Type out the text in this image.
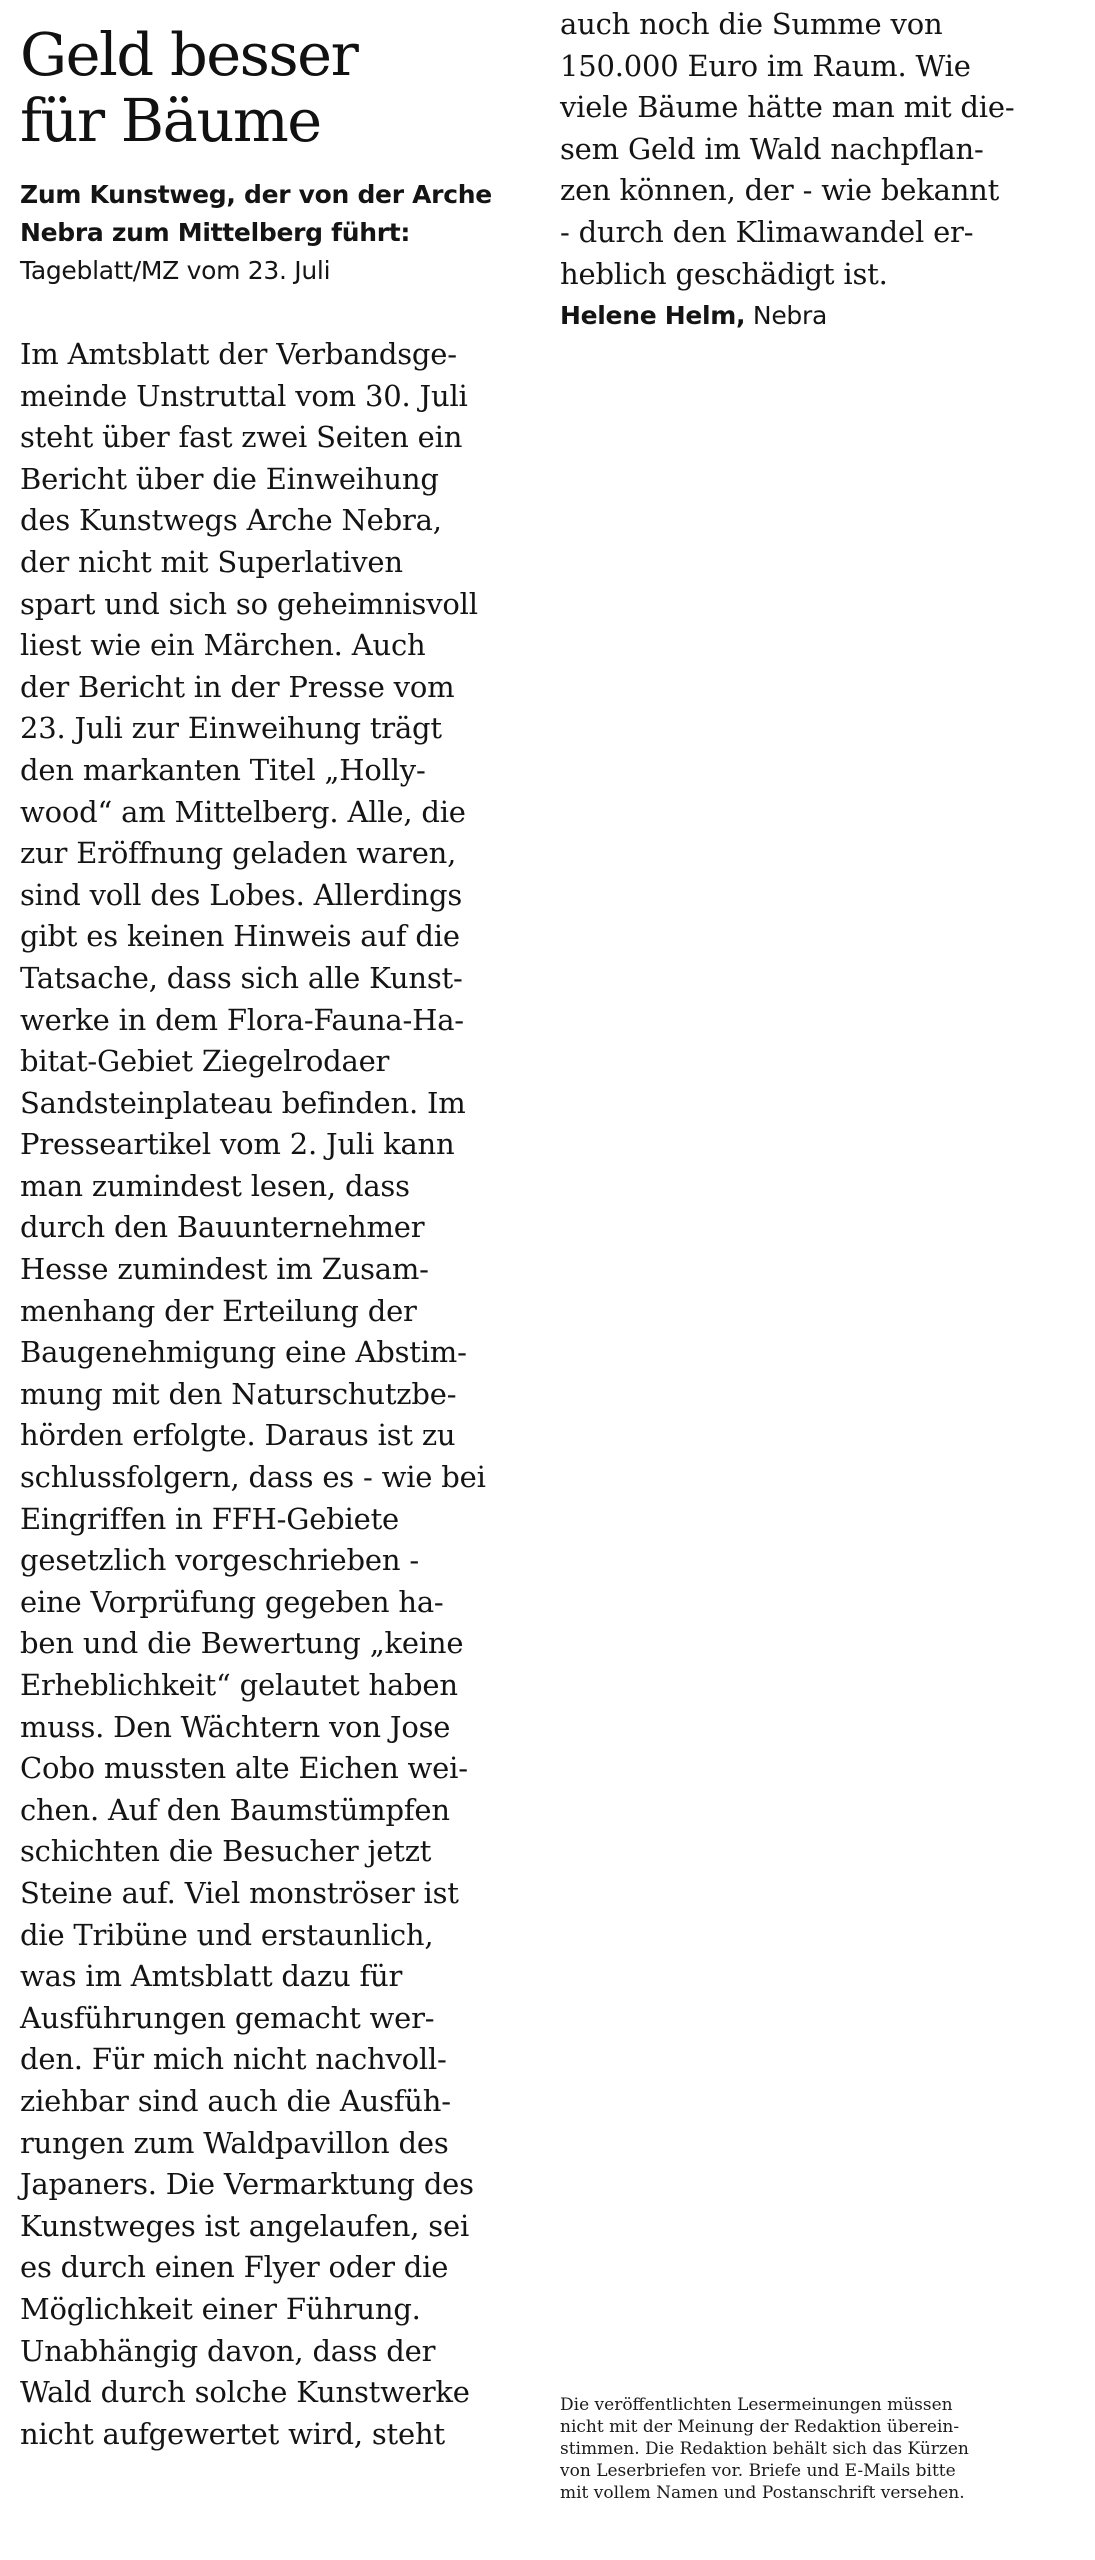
Geld besser
für Bäume
Zum Kunstweg, der von der Arche
Nebra zum Mittelberg führt:
Tageblatt/MZ vom 23. Juli
Im Amtsblatt der Verbandsge-
meinde Unstruttal vom 30. Juli
steht über fast zwei Seiten ein
Bericht über die Einweihung
des Kunstwegs Arche Nebra,
der nicht mit Superlativen
spart und sich so geheimnisvoll
liest wie ein Märchen. Auch
der Bericht in der Presse vom
23. Juli zur Einweihung trägt
den markanten Titel „Holly-
wood“ am Mittelberg. Alle, die
zur Eröffnung geladen waren,
sind voll des Lobes. Allerdings
gibt es keinen Hinweis auf die
Tatsache, dass sich alle Kunst-
werke in dem Flora-Fauna-Ha-
bitat-Gebiet Ziegelrodaer
Sandsteinplateau befinden. Im
Presseartikel vom 2. Juli kann
man zumindest lesen, dass
durch den Bauunternehmer
Hesse zumindest im Zusam-
menhang der Erteilung der
Baugenehmigung eine Abstim-
mung mit den Naturschutzbe-
hörden erfolgte. Daraus ist zu
schlussfolgern, dass es - wie bei
Eingriffen in FFH-Gebiete
gesetzlich vorgeschrieben -
eine Vorprüfung gegeben ha-
ben und die Bewertung „keine
Erheblichkeit“ gelautet haben
muss. Den Wächtern von Jose
Cobo mussten alte Eichen wei-
chen. Auf den Baumstümpfen
schichten die Besucher jetzt
Steine auf. Viel monströser ist
die Tribüne und erstaunlich,
was im Amtsblatt dazu für
Ausführungen gemacht wer-
den. Für mich nicht nachvoll-
ziehbar sind auch die Ausfüh-
rungen zum Waldpavillon des
Japaners. Die Vermarktung des
Kunstweges ist angelaufen, sei
es durch einen Flyer oder die
Möglichkeit einer Führung.
Unabhängig davon, dass der
Wald durch solche Kunstwerke
nicht aufgewertet wird, steht
auch noch die Summe von
150.000 Euro im Raum. Wie
viele Bäume hätte man mit die-
sem Geld im Wald nachpflan-
zen können, der - wie bekannt
- durch den Klimawandel er-
heblich geschädigt ist.
Helene Helm, Nebra
Die veröffentlichten Lesermeinungen müssen
nicht mit der Meinung der Redaktion überein-
stimmen. Die Redaktion behält sich das Kürzen
von Leserbriefen vor. Briefe und E-Mails bitte
mit vollem Namen und Postanschrift versehen.
